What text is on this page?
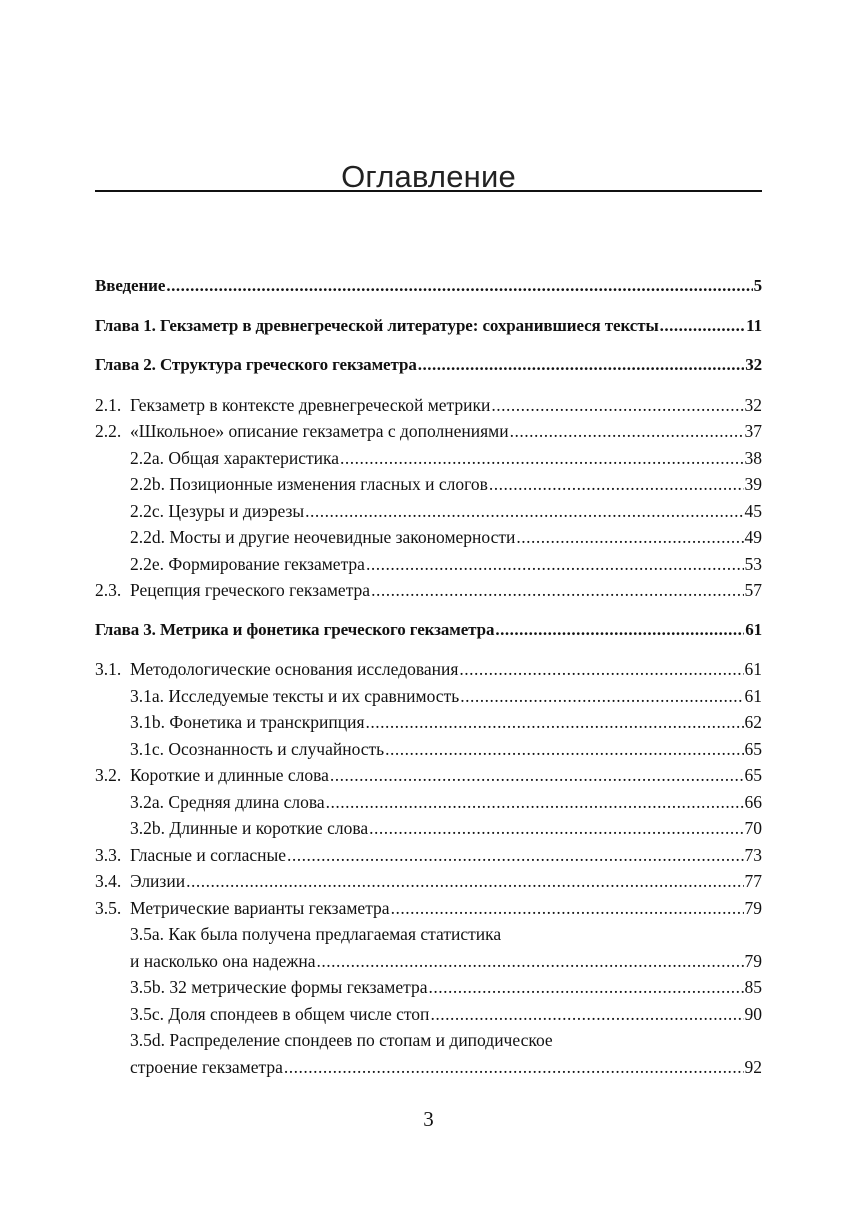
Оглавление
Введение .....	5
Глава 1. Гекзаметр в древнегреческой литературе: сохранившиеся тексты .....	11
Глава 2. Структура греческого гекзаметра .....	32
2.1. Гекзаметр в контексте древнегреческой метрики .....	32
2.2. «Школьное» описание гекзаметра с дополнениями .....	37
2.2a. Общая характеристика .....	38
2.2b. Позиционные изменения гласных и слогов .....	39
2.2c. Цезуры и диэрезы .....	45
2.2d. Мосты и другие неочевидные закономерности .....	49
2.2e. Формирование гекзаметра .....	53
2.3. Рецепция греческого гекзаметра .....	57
Глава 3. Метрика и фонетика греческого гекзаметра .....	61
3.1. Методологические основания исследования .....	61
3.1a. Исследуемые тексты и их сравнимость .....	61
3.1b. Фонетика и транскрипция .....	62
3.1c. Осознанность и случайность .....	65
3.2. Короткие и длинные слова .....	65
3.2a. Средняя длина слова .....	66
3.2b. Длинные и короткие слова .....	70
3.3. Гласные и согласные .....	73
3.4. Элизии .....	77
3.5. Метрические варианты гекзаметра .....	79
3.5a. Как была получена предлагаемая статистика
и насколько она надежна .....	79
3.5b. 32 метрические формы гекзаметра .....	85
3.5c. Доля спондеев в общем числе стоп .....	90
3.5d. Распределение спондеев по стопам и диподическое
строение гекзаметра .....	92
3
